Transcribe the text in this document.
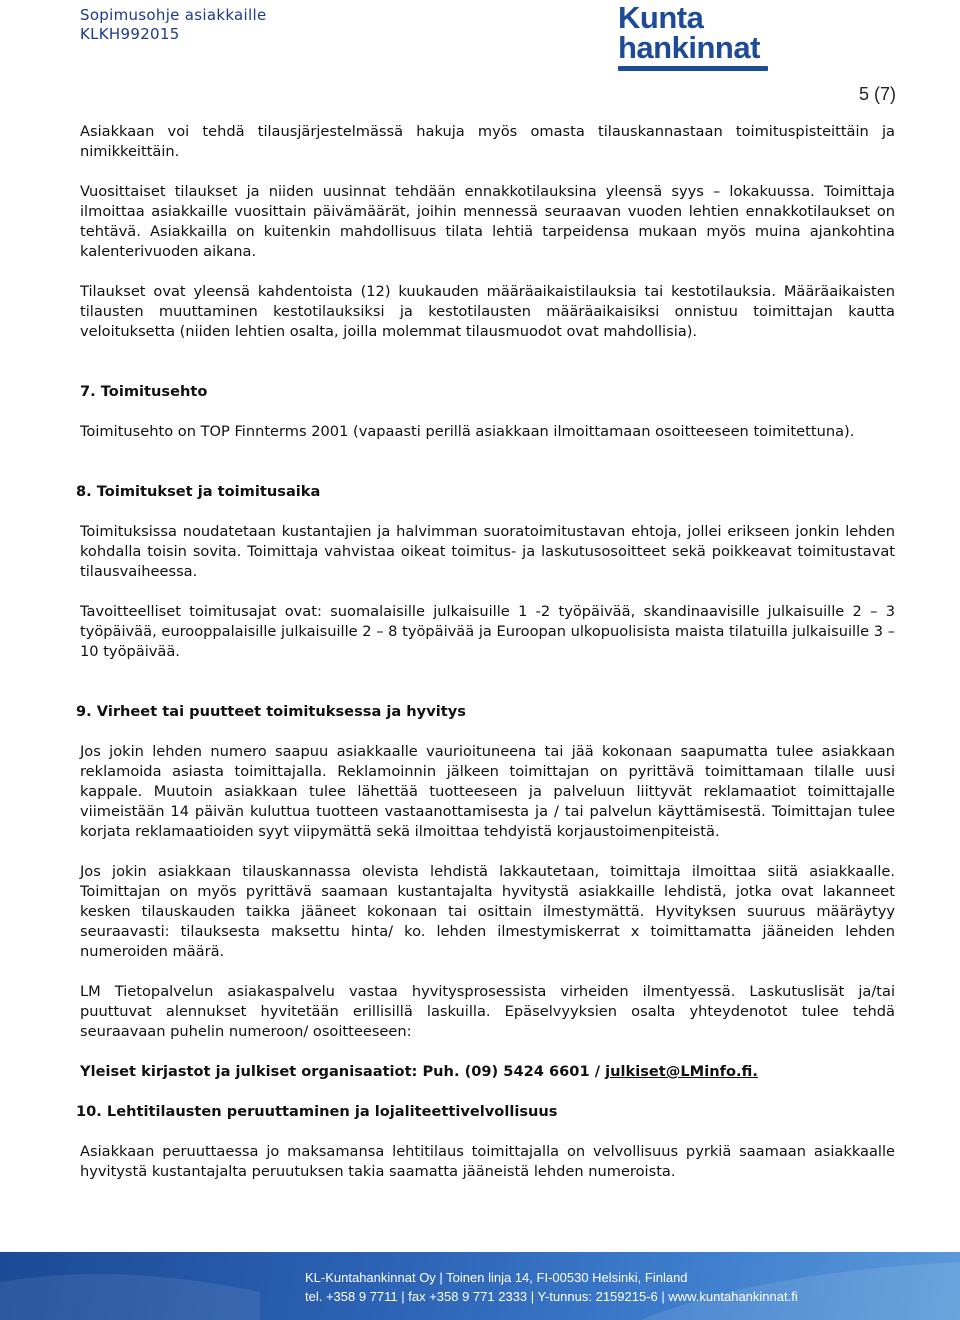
Sopimusohje asiakkaille
KLKH992015	Kunta
hankinnat
5 (7)

Asiakkaan voi tehdä tilausjärjestelmässä hakuja myös omasta tilauskannastaan toimituspisteittäin ja nimikkeittäin.

Vuosittaiset tilaukset ja niiden uusinnat tehdään ennakkotilauksina yleensä syys – lokakuussa. Toimittaja ilmoittaa asiakkaille vuosittain päivämäärät, joihin mennessä seuraavan vuoden lehtien ennakkotilaukset on tehtävä. Asiakkailla on kuitenkin mahdollisuus tilata lehtiä tarpeidensa mukaan myös muina ajankohtina kalenterivuoden aikana.

Tilaukset ovat yleensä kahdentoista (12) kuukauden määräaikaistilauksia tai kestotilauksia. Määräaikaisten tilausten muuttaminen kestotilauksiksi ja kestotilausten määräaikaisiksi onnistuu toimittajan kautta veloituksetta (niiden lehtien osalta, joilla molemmat tilausmuodot ovat mahdollisia).

7. Toimitusehto

Toimitusehto on TOP Finnterms 2001 (vapaasti perillä asiakkaan ilmoittamaan osoitteeseen toimitettuna).

8. Toimitukset ja toimitusaika

Toimituksissa noudatetaan kustantajien ja halvimman suoratoimitustavan ehtoja, jollei erikseen jonkin lehden kohdalla toisin sovita. Toimittaja vahvistaa oikeat toimitus- ja laskutusosoitteet sekä poikkeavat toimitustavat tilausvaiheessa.

Tavoitteelliset toimitusajat ovat: suomalaisille julkaisuille 1 -2 työpäivää, skandinaavisille julkaisuille 2 – 3 työpäivää, eurooppalaisille julkaisuille 2 – 8 työpäivää ja Euroopan ulkopuolisista maista tilatuilla julkaisuille 3 – 10 työpäivää.

9. Virheet tai puutteet toimituksessa ja hyvitys

Jos jokin lehden numero saapuu asiakkaalle vaurioituneena tai jää kokonaan saapumatta tulee asiakkaan reklamoida asiasta toimittajalla. Reklamoinnin jälkeen toimittajan on pyrittävä toimittamaan tilalle uusi kappale. Muutoin asiakkaan tulee lähettää tuotteeseen ja palveluun liittyvät reklamaatiot toimittajalle viimeistään 14 päivän kuluttua tuotteen vastaanottamisesta ja / tai palvelun käyttämisestä. Toimittajan tulee korjata reklamaatioiden syyt viipymättä sekä ilmoittaa tehdyistä korjaustoimenpiteistä.

Jos jokin asiakkaan tilauskannassa olevista lehdistä lakkautetaan, toimittaja ilmoittaa siitä asiakkaalle. Toimittajan on myös pyrittävä saamaan kustantajalta hyvitystä asiakkaille lehdistä, jotka ovat lakanneet kesken tilauskauden taikka jääneet kokonaan tai osittain ilmestymättä. Hyvityksen suuruus määräytyy seuraavasti: tilauksesta maksettu hinta/ ko. lehden ilmestymiskerrat x toimittamatta jääneiden lehden numeroiden määrä.

LM Tietopalvelun asiakaspalvelu vastaa hyvitysprosessista virheiden ilmentyessä. Laskutuslisät ja/tai puuttuvat alennukset hyvitetään erillisillä laskuilla. Epäselvyyksien osalta yhteydenotot tulee tehdä seuraavaan puhelin numeroon/ osoitteeseen:

Yleiset kirjastot ja julkiset organisaatiot: Puh. (09) 5424 6601 / julkiset@LMinfo.fi.

10. Lehtitilausten peruuttaminen ja lojaliteettivelvollisuus

Asiakkaan peruuttaessa jo maksamansa lehtitilaus toimittajalla on velvollisuus pyrkiä saamaan asiakkaalle hyvitystä kustantajalta peruutuksen takia saamatta jääneistä lehden numeroista.

KL-Kuntahankinnat Oy | Toinen linja 14, FI-00530 Helsinki, Finland
tel. +358 9 7711 | fax +358 9 771 2333 | Y-tunnus: 2159215-6 | www.kuntahankinnat.fi
